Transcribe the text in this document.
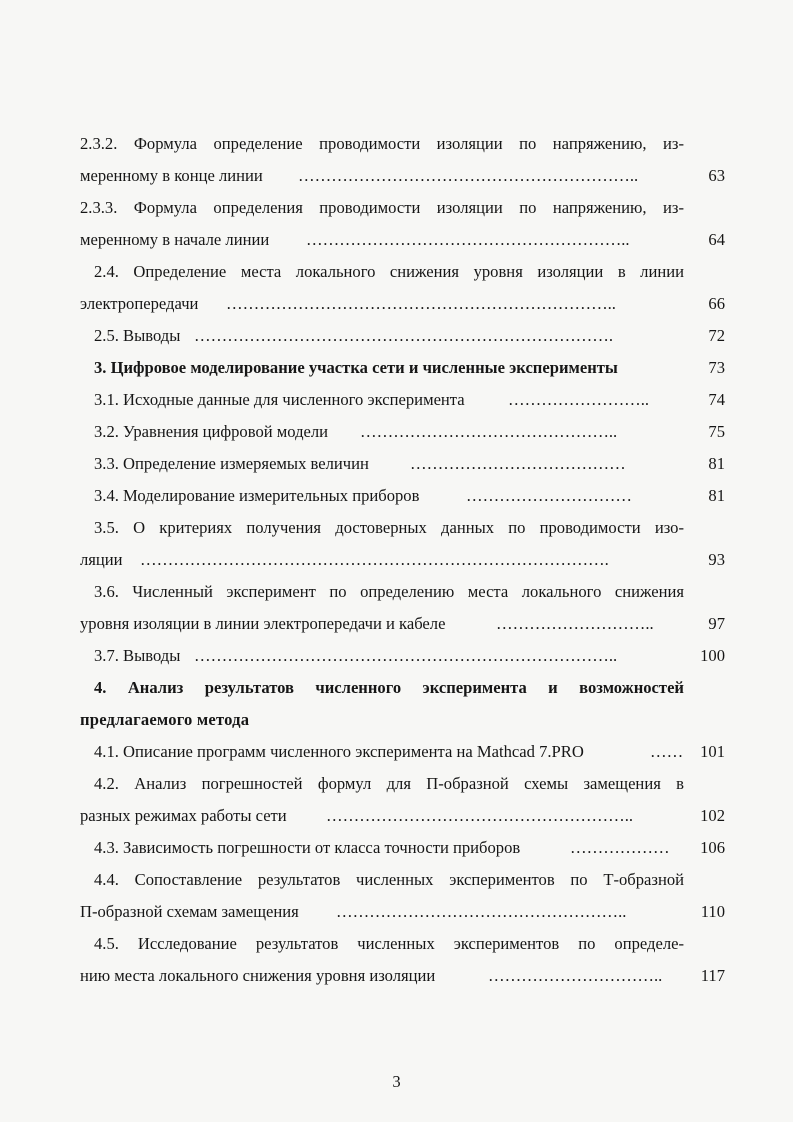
2.3.2. Формула определение проводимости изоляции по напряжению, из-
меренному в конце линии ……………………………………………………..	63
2.3.3. Формула определения проводимости изоляции по напряжению, из-
меренному в начале линии …………………………………………………..	64
2.4. Определение места локального снижения уровня изоляции в линии
электропередачи ……………………………………………………………..	66
2.5. Выводы ………………………………………………………………….	72
3. Цифровое моделирование участка сети и численные эксперименты	73
3.1. Исходные данные для численного эксперимента	……………………..	74
3.2. Уравнения цифровой модели ………………………………………..	75
3.3. Определение измеряемых величин …………………………………	81
3.4. Моделирование измерительных приборов	…………………………	81
3.5. О критериях получения достоверных данных по проводимости изо-
ляции ………………………………………………………………………….	93
3.6. Численный эксперимент по определению места локального снижения
уровня изоляции в линии электропередачи и кабеле	………………………..	97
3.7. Выводы …………………………………………………………………..	100
4. Анализ результатов численного эксперимента и возможностей
предлагаемого метода
4.1. Описание программ численного эксперимента на Mathcad 7.PRO	…… 101
4.2. Анализ погрешностей формул для П-образной схемы замещения в
разных режимах работы сети ………………………………………………..	102
4.3. Зависимость погрешности от класса точности приборов	……………… 106
4.4. Сопоставление результатов численных экспериментов по Т-образной
П-образной схемам замещения ……………………………………………..	110
4.5. Исследование результатов численных экспериментов по определе-
нию места локального снижения уровня изоляции	………………………….. 117
3
